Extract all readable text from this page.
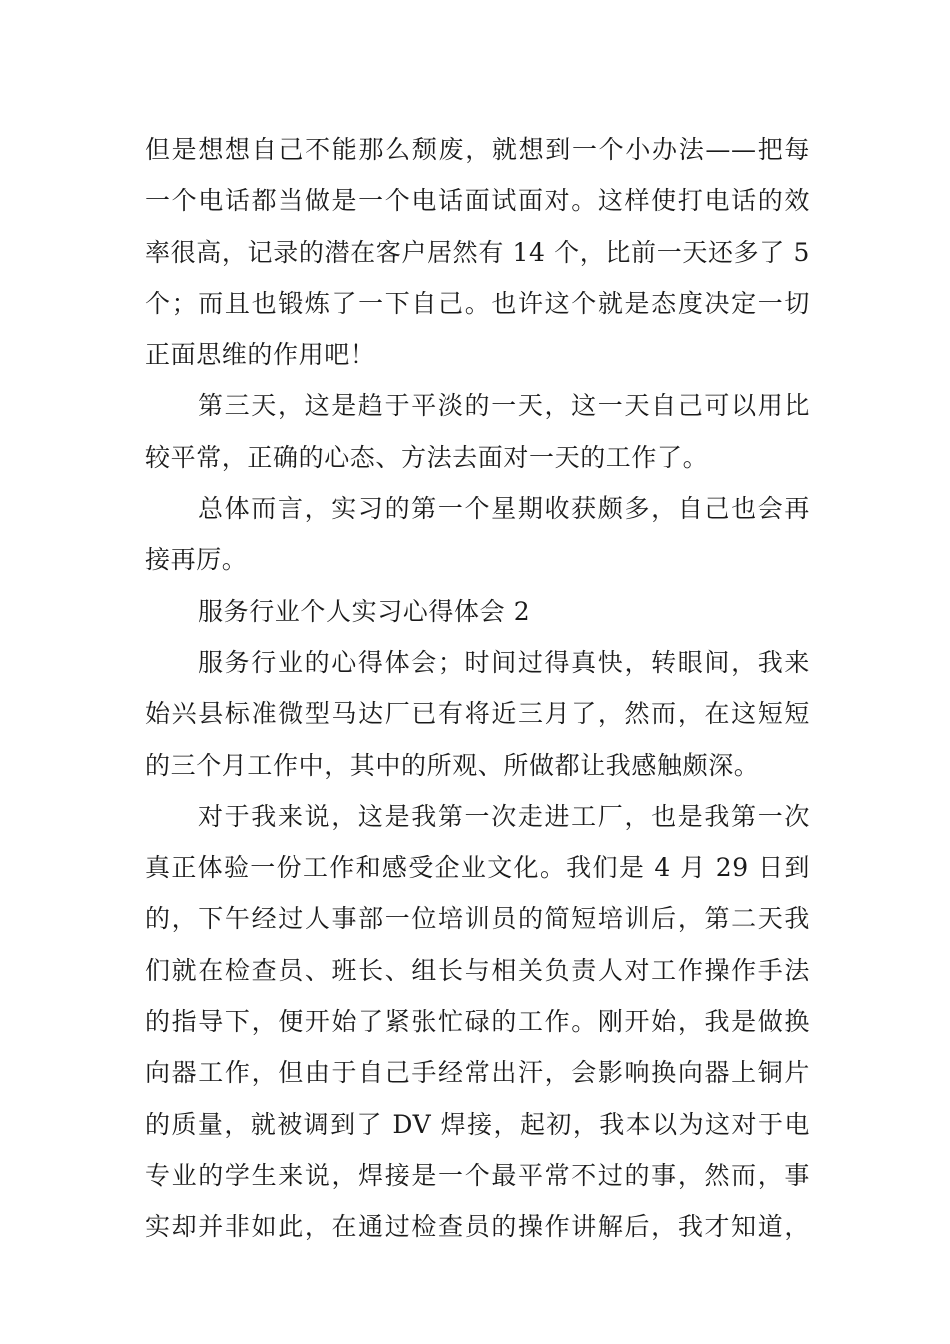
但是想想自己不能那么颓废，就想到一个小办法——把每
一个电话都当做是一个电话面试面对。这样使打电话的效
率很高，记录的潜在客户居然有 14 个，比前一天还多了 5
个；而且也锻炼了一下自己。也许这个就是态度决定一切
正面思维的作用吧！
第三天，这是趋于平淡的一天，这一天自己可以用比
较平常，正确的心态、方法去面对一天的工作了。
总体而言，实习的第一个星期收获颇多，自己也会再
接再厉。
服务行业个人实习心得体会 2
服务行业的心得体会；时间过得真快，转眼间，我来
始兴县标准微型马达厂已有将近三月了，然而，在这短短
的三个月工作中，其中的所观、所做都让我感触颇深。
对于我来说，这是我第一次走进工厂，也是我第一次
真正体验一份工作和感受企业文化。我们是 4 月 29 日到
的，下午经过人事部一位培训员的简短培训后，第二天我
们就在检查员、班长、组长与相关负责人对工作操作手法
的指导下，便开始了紧张忙碌的工作。刚开始，我是做换
向器工作，但由于自己手经常出汗，会影响换向器上铜片
的质量，就被调到了 DV 焊接，起初，我本以为这对于电
专业的学生来说，焊接是一个最平常不过的事，然而，事
实却并非如此，在通过检查员的操作讲解后，我才知道，
